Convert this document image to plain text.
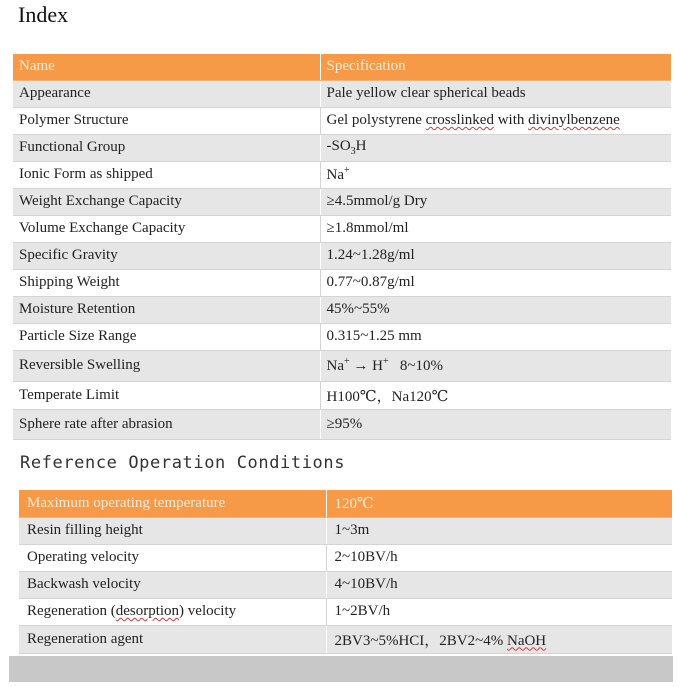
Index
Name	Specification
Appearance	Pale yellow clear spherical beads
Polymer Structure	Gel polystyrene crosslinked with divinylbenzene
Functional Group	$-SO_3H$
Ionic Form as shipped	Na+
Weight Exchange Capacity	≥4.5mmol/g Dry
Volume Exchange Capacity	≥1.8mmol/ml
Specific Gravity	1.24~1.28g/ml
Shipping Weight	0.77~0.87g/ml
Moisture Retention	45%~55%
Particle Size Range	0.315~1.25 mm
Reversible Swelling	Na+ → H+   8~10%
Temperate Limit	H100℃，Na120℃
Sphere rate after abrasion	≥95%
Reference Operation Conditions
Maximum operating temperature	120℃
Resin filling height	1~3m
Operating velocity	2~10BV/h
Backwash velocity	4~10BV/h
Regeneration (desorption) velocity	1~2BV/h
Regeneration agent	2BV3~5%HCI，2BV2~4% NaOH
